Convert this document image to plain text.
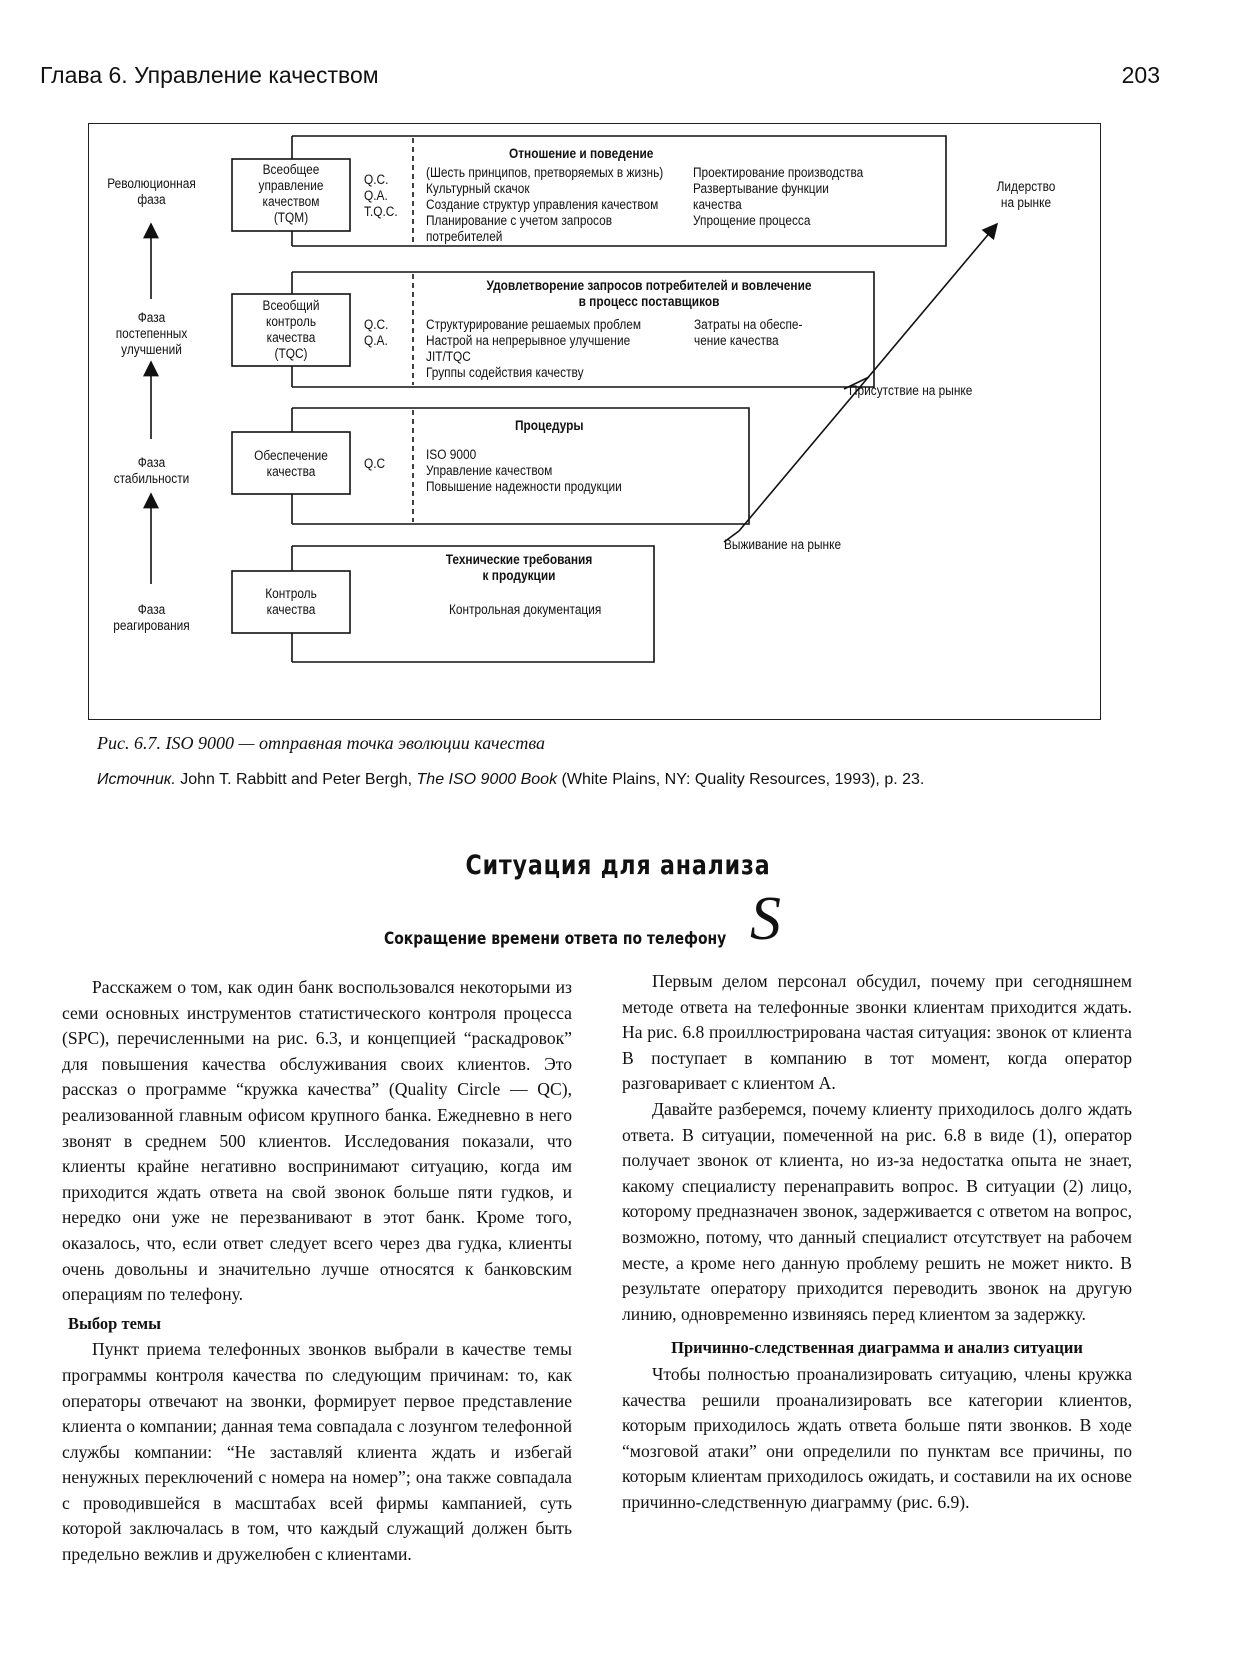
Глава 6. Управление качеством	203
Революционная
фаза
Фаза
постепенных
улучшений
Фаза
стабильности
Фаза
реагирования
Всеобщее
управление
качеством
(TQM)
Всеобщий
контроль
качества
(TQC)
Обеспечение
качества
Контроль
качества
Q.C.
Q.A.
T.Q.C.
Q.C.
Q.A.
Q.C
Отношение и поведение
(Шесть принципов, претворяемых в жизнь)
Культурный скачок
Создание структур управления качеством
Планирование с учетом запросов
потребителей
Проектирование производства
Развертывание функции
качества
Упрощение процесса
Удовлетворение запросов потребителей и вовлечение
в процесс поставщиков
Структурирование решаемых проблем
Настрой на непрерывное улучшение
JIT/TQC
Группы содействия качеству
Затраты на обеспе-
чение качества
Процедуры
ISO 9000
Управление качеством
Повышение надежности продукции
Технические требования
к продукции
Контрольная документация
Лидерство
на рынке
Присутствие на рынке
Выживание на рынке
Рис. 6.7. ISO 9000 — отправная точка эволюции качества
Источник. John T. Rabbitt and Peter Bergh, The ISO 9000 Book (White Plains, NY: Quality Resources, 1993), p. 23.
Ситуация для анализа
Сокращение времени ответа по телефону S

Расскажем о том, как один банк воспользовался некоторыми из семи основных инструментов статистического контроля процесса (SPC), перечисленными на рис. 6.3, и концепцией “раскадровок” для повышения качества обслуживания своих клиентов. Это рассказ о программе “кружка качества” (Quality Circle — QC), реализованной главным офисом крупного банка. Ежедневно в него звонят в среднем 500 клиентов. Исследования показали, что клиенты крайне негативно воспринимают ситуацию, когда им приходится ждать ответа на свой звонок больше пяти гудков, и нередко они уже не перезванивают в этот банк. Кроме того, оказалось, что, если ответ следует всего через два гудка, клиенты очень довольны и значительно лучше относятся к банковским операциям по телефону.

Выбор темы

Пункт приема телефонных звонков выбрали в качестве темы программы контроля качества по следующим причинам: то, как операторы отвечают на звонки, формирует первое представление клиента о компании; данная тема совпадала с лозунгом телефонной службы компании: “Не заставляй клиента ждать и избегай ненужных переключений с номера на номер”; она также совпадала с проводившейся в масштабах всей фирмы кампанией, суть которой заключалась в том, что каждый служащий должен быть предельно вежлив и дружелюбен с клиентами.

Первым делом персонал обсудил, почему при сегодняшнем методе ответа на телефонные звонки клиентам приходится ждать. На рис. 6.8 проиллюстрирована частая ситуация: звонок от клиента B поступает в компанию в тот момент, когда оператор разговаривает с клиентом A.

Давайте разберемся, почему клиенту приходилось долго ждать ответа. В ситуации, помеченной на рис. 6.8 в виде (1), оператор получает звонок от клиента, но из-за недостатка опыта не знает, какому специалисту перенаправить вопрос. В ситуации (2) лицо, которому предназначен звонок, задерживается с ответом на вопрос, возможно, потому, что данный специалист отсутствует на рабочем месте, а кроме него данную проблему решить не может никто. В результате оператору приходится переводить звонок на другую линию, одновременно извиняясь перед клиентом за задержку.

Причинно-следственная диаграмма и анализ ситуации

Чтобы полностью проанализировать ситуацию, члены кружка качества решили проанализировать все категории клиентов, которым приходилось ждать ответа больше пяти звонков. В ходе “мозговой атаки” они определили по пунктам все причины, по которым клиентам приходилось ожидать, и составили на их основе причинно-следственную диаграмму (рис. 6.9).
